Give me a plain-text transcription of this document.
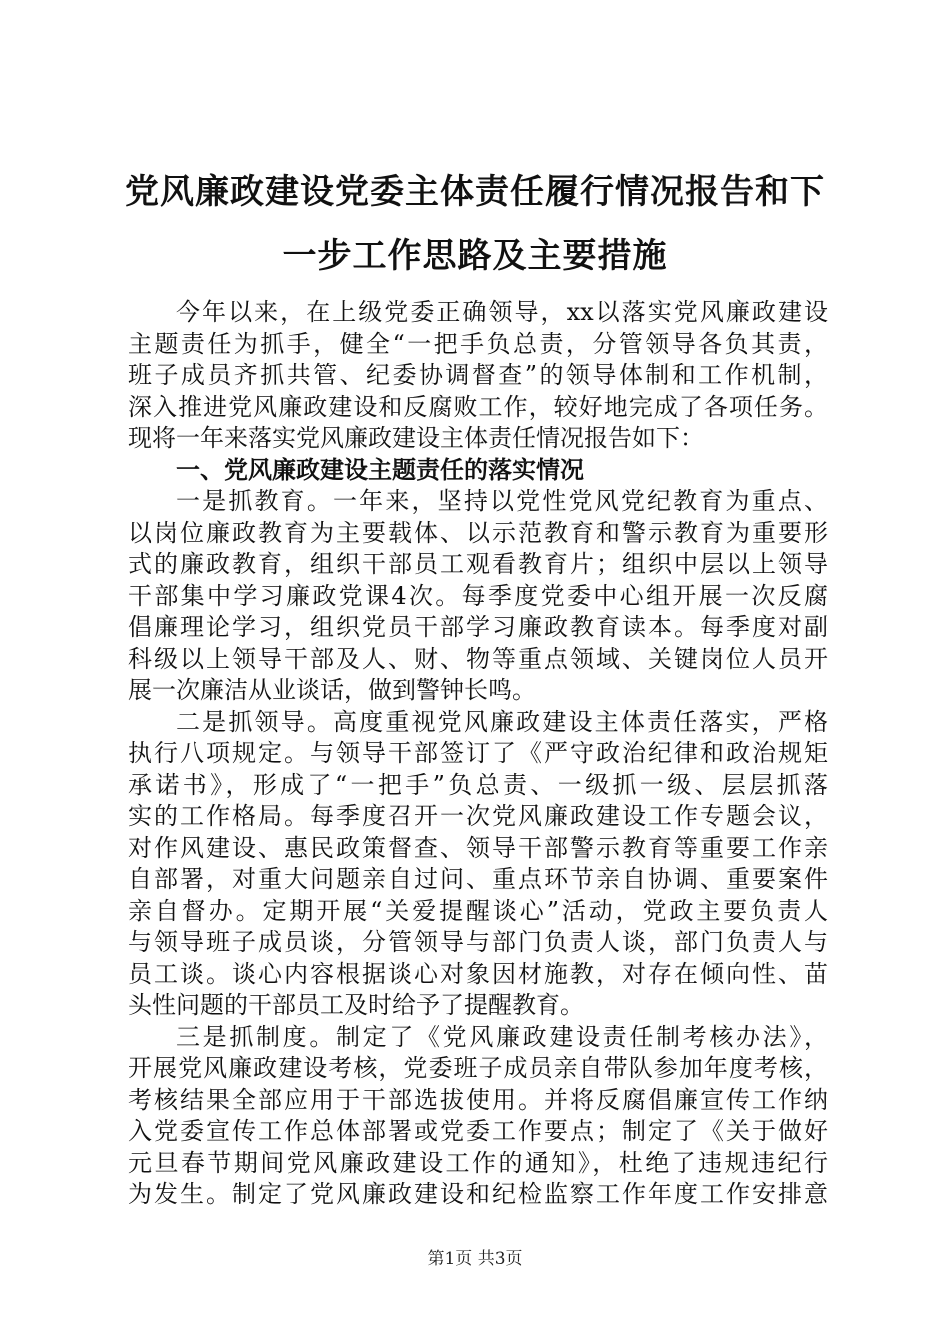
党风廉政建设党委主体责任履行情况报告和下
一步工作思路及主要措施
今年以来，在上级党委正确领导，xx以落实党风廉政建设
主题责任为抓手，健全“一把手负总责，分管领导各负其责，
班子成员齐抓共管、纪委协调督查”的领导体制和工作机制，
深入推进党风廉政建设和反腐败工作，较好地完成了各项任务。
现将一年来落实党风廉政建设主体责任情况报告如下：
一、党风廉政建设主题责任的落实情况
一是抓教育。一年来，坚持以党性党风党纪教育为重点、
以岗位廉政教育为主要载体、以示范教育和警示教育为重要形
式的廉政教育，组织干部员工观看教育片；组织中层以上领导
干部集中学习廉政党课4次。每季度党委中心组开展一次反腐
倡廉理论学习，组织党员干部学习廉政教育读本。每季度对副
科级以上领导干部及人、财、物等重点领域、关键岗位人员开
展一次廉洁从业谈话，做到警钟长鸣。
二是抓领导。高度重视党风廉政建设主体责任落实，严格
执行八项规定。与领导干部签订了《严守政治纪律和政治规矩
承诺书》，形成了“一把手”负总责、一级抓一级、层层抓落
实的工作格局。每季度召开一次党风廉政建设工作专题会议，
对作风建设、惠民政策督查、领导干部警示教育等重要工作亲
自部署，对重大问题亲自过问、重点环节亲自协调、重要案件
亲自督办。定期开展“关爱提醒谈心”活动，党政主要负责人
与领导班子成员谈，分管领导与部门负责人谈，部门负责人与
员工谈。谈心内容根据谈心对象因材施教，对存在倾向性、苗
头性问题的干部员工及时给予了提醒教育。
三是抓制度。制定了《党风廉政建设责任制考核办法》，
开展党风廉政建设考核，党委班子成员亲自带队参加年度考核，
考核结果全部应用于干部选拔使用。并将反腐倡廉宣传工作纳
入党委宣传工作总体部署或党委工作要点；制定了《关于做好
元旦春节期间党风廉政建设工作的通知》，杜绝了违规违纪行
为发生。制定了党风廉政建设和纪检监察工作年度工作安排意
第1页 共3页
